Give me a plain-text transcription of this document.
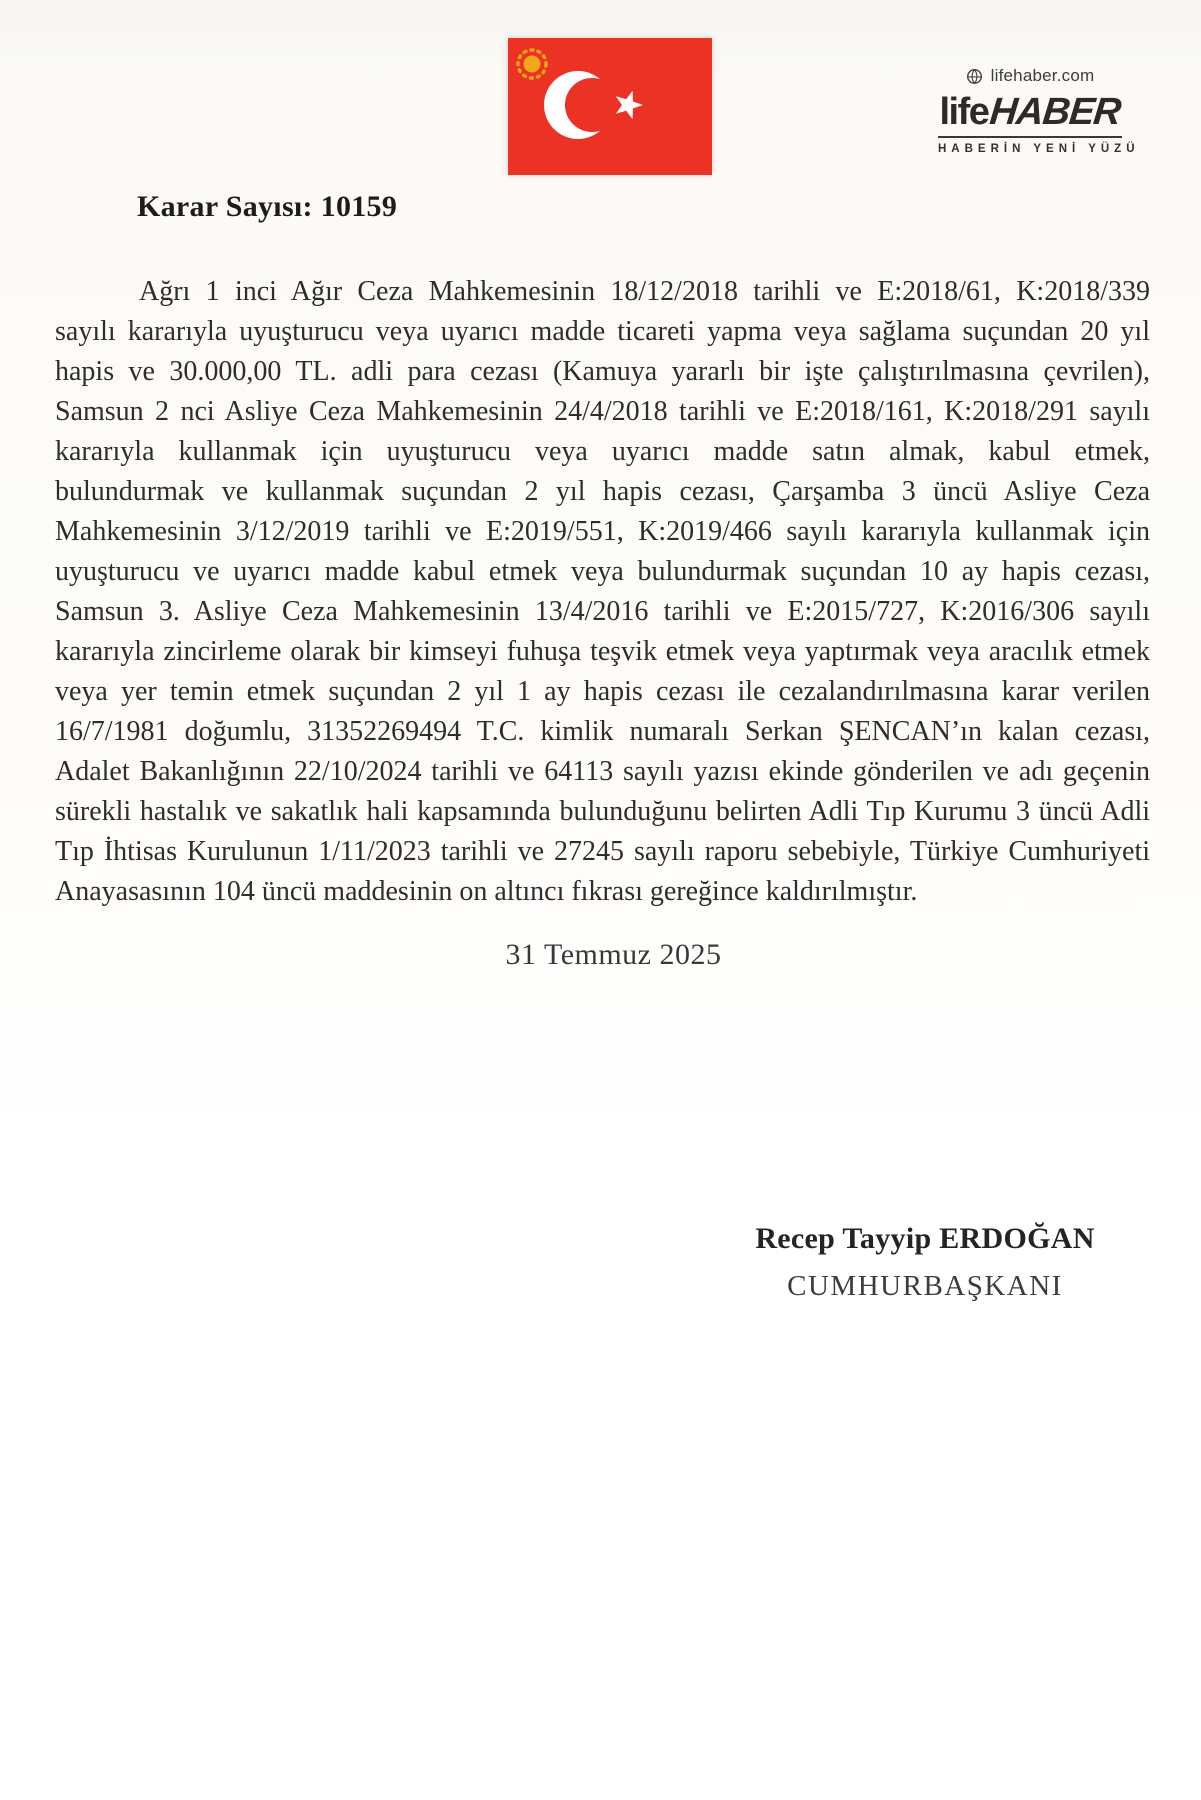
lifehaber.com
life HABER
HABERİN YENİ YÜZÜ
Karar Sayısı: 10159
Ağrı 1 inci Ağır Ceza Mahkemesinin 18/12/2018 tarihli ve E:2018/61, K:2018/339
sayılı kararıyla uyuşturucu veya uyarıcı madde ticareti yapma veya sağlama suçundan 20 yıl
hapis ve 30.000,00 TL. adli para cezası (Kamuya yararlı bir işte çalıştırılmasına çevrilen),
Samsun 2 nci Asliye Ceza Mahkemesinin 24/4/2018 tarihli ve E:2018/161, K:2018/291 sayılı
kararıyla kullanmak için uyuşturucu veya uyarıcı madde satın almak, kabul etmek,
bulundurmak ve kullanmak suçundan 2 yıl hapis cezası, Çarşamba 3 üncü Asliye Ceza
Mahkemesinin 3/12/2019 tarihli ve E:2019/551, K:2019/466 sayılı kararıyla kullanmak için
uyuşturucu ve uyarıcı madde kabul etmek veya bulundurmak suçundan 10 ay hapis cezası,
Samsun 3. Asliye Ceza Mahkemesinin 13/4/2016 tarihli ve E:2015/727, K:2016/306 sayılı
kararıyla zincirleme olarak bir kimseyi fuhuşa teşvik etmek veya yaptırmak veya aracılık etmek
veya yer temin etmek suçundan 2 yıl 1 ay hapis cezası ile cezalandırılmasına karar verilen
16/7/1981 doğumlu, 31352269494 T.C. kimlik numaralı Serkan ŞENCAN’ın kalan cezası,
Adalet Bakanlığının 22/10/2024 tarihli ve 64113 sayılı yazısı ekinde gönderilen ve adı geçenin
sürekli hastalık ve sakatlık hali kapsamında bulunduğunu belirten Adli Tıp Kurumu 3 üncü Adli
Tıp İhtisas Kurulunun 1/11/2023 tarihli ve 27245 sayılı raporu sebebiyle, Türkiye Cumhuriyeti
Anayasasının 104 üncü maddesinin on altıncı fıkrası gereğince kaldırılmıştır.
31 Temmuz 2025
Recep Tayyip ERDOĞAN
CUMHURBAŞKANI
